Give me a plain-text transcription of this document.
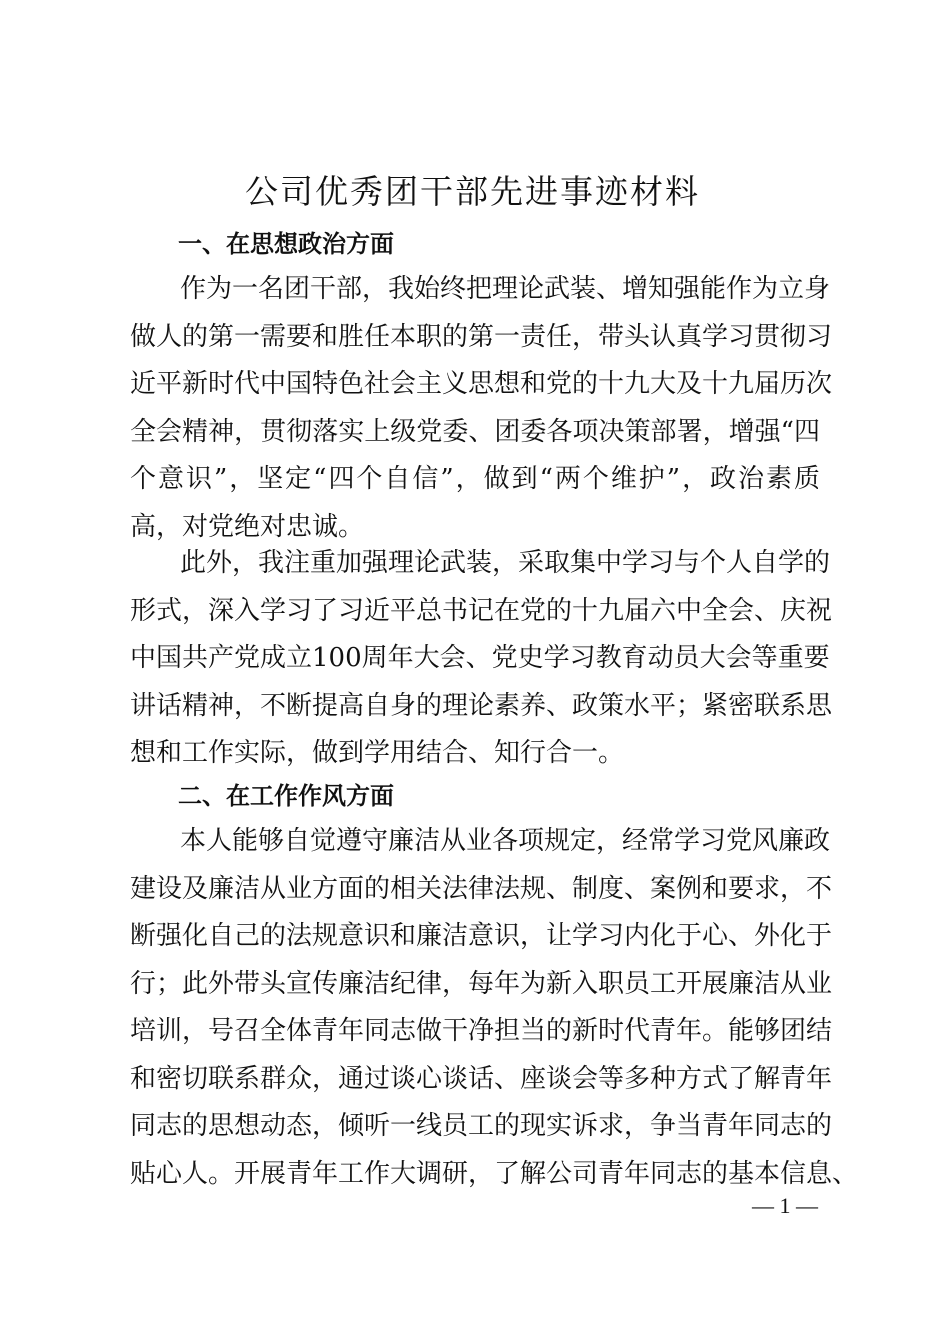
公司优秀团干部先进事迹材料
一、在思想政治方面
作为一名团干部，我始终把理论武装、增知强能作为立身
做人的第一需要和胜任本职的第一责任，带头认真学习贯彻习
近平新时代中国特色社会主义思想和党的十九大及十九届历次
全会精神，贯彻落实上级党委、团委各项决策部署，增强“四
个意识”，坚定“四个自信”，做到“两个维护”，政治素质
高，对党绝对忠诚。
此外，我注重加强理论武装，采取集中学习与个人自学的
形式，深入学习了习近平总书记在党的十九届六中全会、庆祝
中国共产党成立100周年大会、党史学习教育动员大会等重要
讲话精神，不断提高自身的理论素养、政策水平；紧密联系思
想和工作实际，做到学用结合、知行合一。
二、在工作作风方面
本人能够自觉遵守廉洁从业各项规定，经常学习党风廉政
建设及廉洁从业方面的相关法律法规、制度、案例和要求，不
断强化自己的法规意识和廉洁意识，让学习内化于心、外化于
行；此外带头宣传廉洁纪律，每年为新入职员工开展廉洁从业
培训，号召全体青年同志做干净担当的新时代青年。能够团结
和密切联系群众，通过谈心谈话、座谈会等多种方式了解青年
同志的思想动态，倾听一线员工的现实诉求，争当青年同志的
贴心人。开展青年工作大调研，了解公司青年同志的基本信息、
— 1 —
